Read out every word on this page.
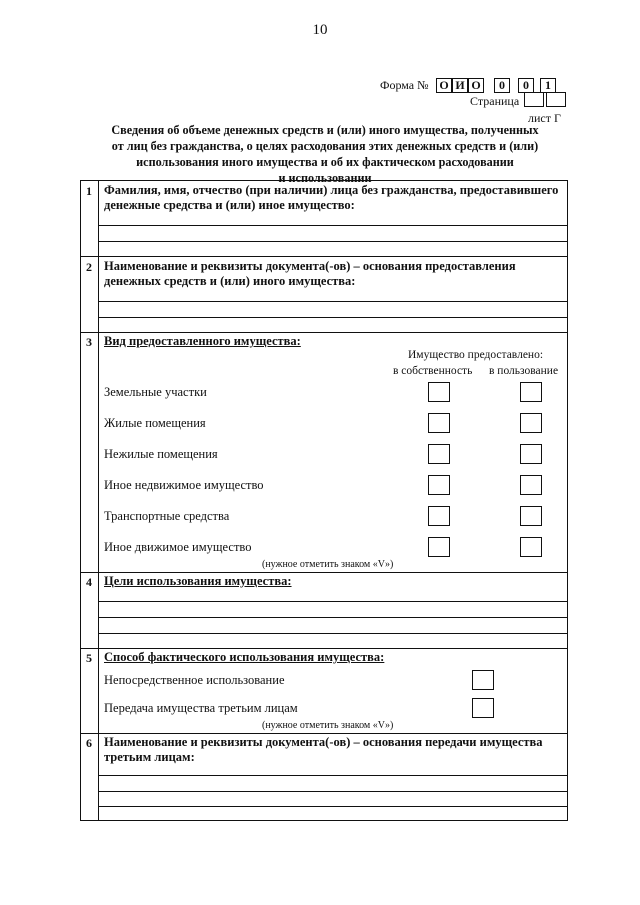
10
Форма № О И О	0	0	1
Страница
лист Г
Сведения об объеме денежных средств и (или) иного имущества, полученных
от лиц без гражданства, о целях расходования этих денежных средств и (или)
использования иного имущества и об их фактическом расходовании
и использовании
1 Фамилия, имя, отчество (при наличии) лица без гражданства, предоставившего денежные средства и (или) иное имущество:
2 Наименование и реквизиты документа(-ов) – основания предоставления денежных средств и (или) иного имущества:
3 Вид предоставленного имущества:
Имущество предоставлено:
в собственность в пользование
Земельные участки
Жилые помещения
Нежилые помещения
Иное недвижимое имущество
Транспортные средства
Иное движимое имущество
(нужное отметить знаком «V»)
4 Цели использования имущества:
5 Способ фактического использования имущества:
Непосредственное использование
Передача имущества третьим лицам
(нужное отметить знаком «V»)
6 Наименование и реквизиты документа(-ов) – основания передачи имущества третьим лицам:
